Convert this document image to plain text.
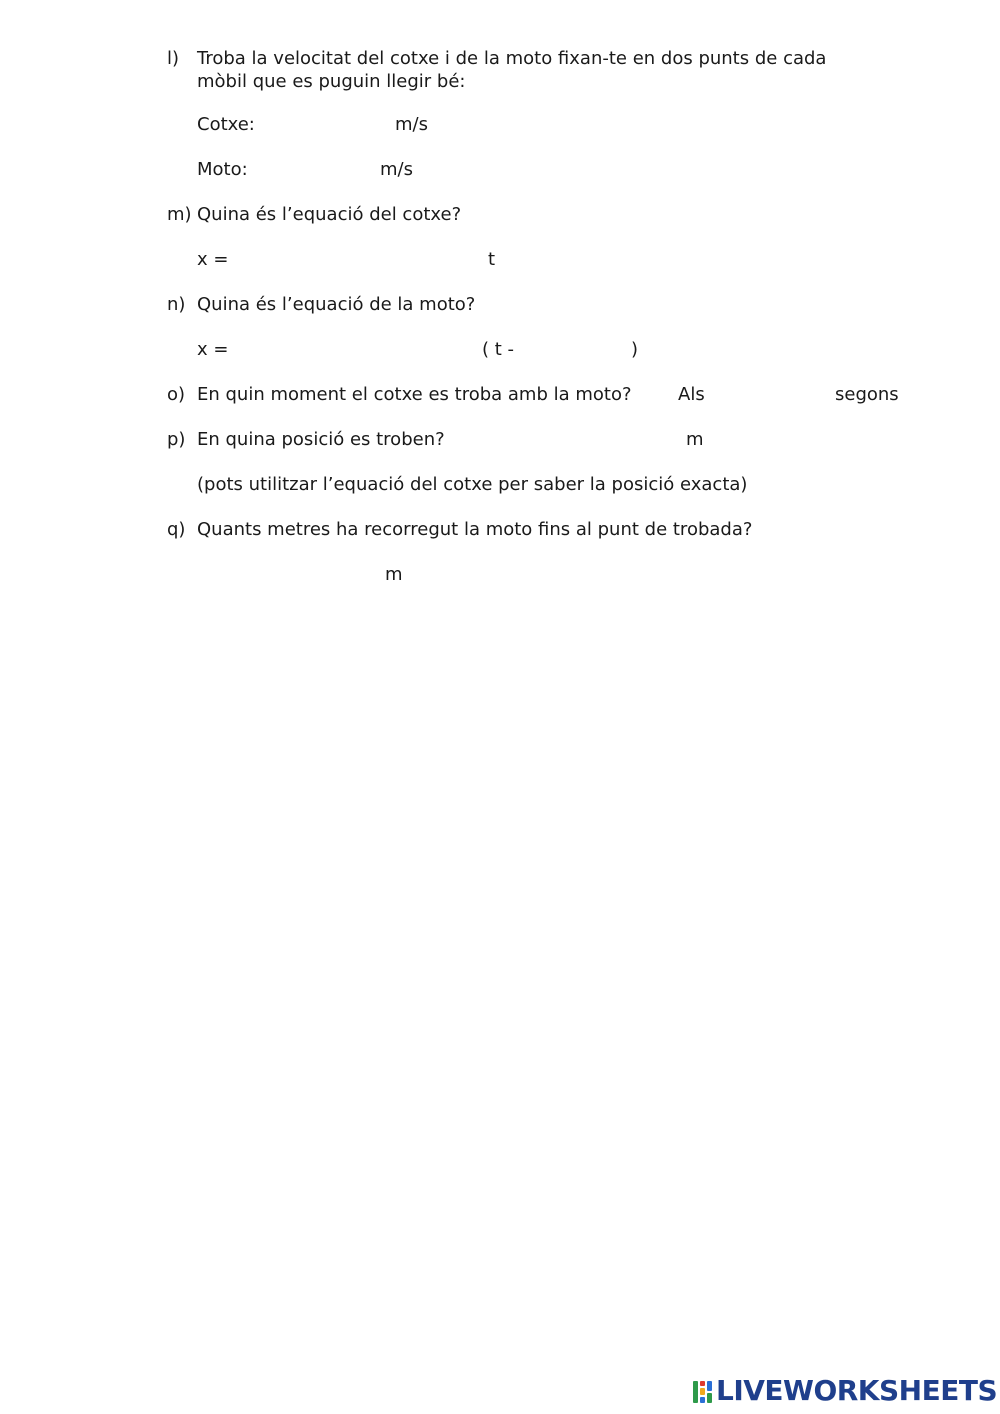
l) Troba la velocitat del cotxe i de la moto fixan-te en dos punts de cada
mòbil que es puguin llegir bé:
Cotxe:	m/s
Moto:	m/s
m) Quina és l’equació del cotxe?
x =	t
n) Quina és l’equació de la moto?
x =	( t -	)
o) En quin moment el cotxe es troba amb la moto?	Als	segons
p) En quina posició es troben?	m
(pots utilitzar l’equació del cotxe per saber la posició exacta)
q) Quants metres ha recorregut la moto fins al punt de trobada?
m
LIVEWORKSHEETS
